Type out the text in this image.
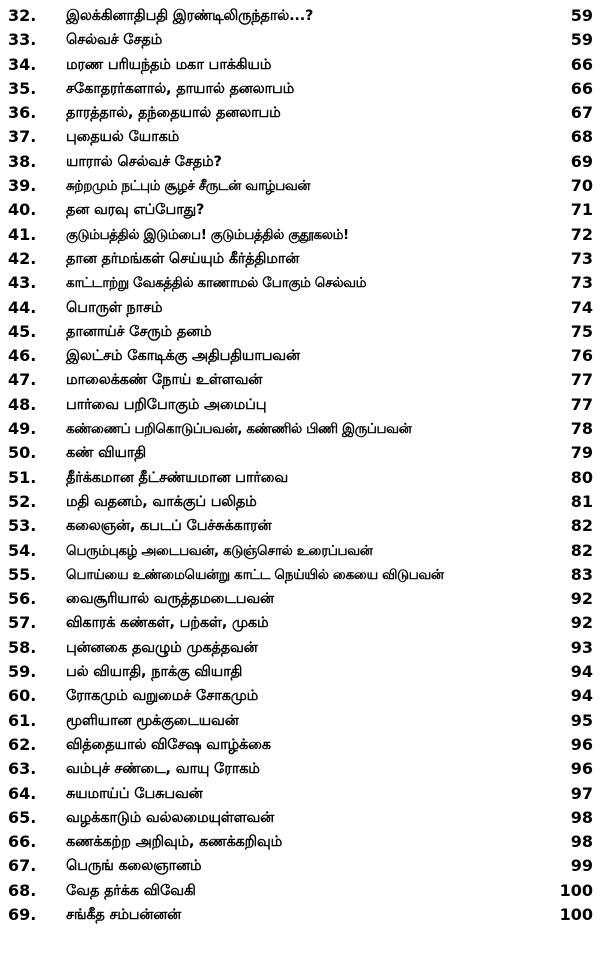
32.	இலக்கினாதிபதி இரண்டிலிருந்தால்...?	59
33.	செல்வச் சேதம்	59
34.	மரண பரியந்தம் மகா பாக்கியம்	66
35.	சகோதரர்களால், தாயால் தனலாபம்	66
36.	தாரத்தால், தந்தையால் தனலாபம்	67
37.	புதையல் யோகம்	68
38.	யாரால் செல்வச் சேதம்?	69
39.	சுற்றமும் நட்பும் சூழச் சீருடன் வாழ்பவன்	70
40.	தன வரவு எப்போது?	71
41.	குடும்பத்தில் இடும்பை! குடும்பத்தில் குதூகலம்!	72
42.	தான தர்மங்கள் செய்யும் கீர்த்திமான்	73
43.	காட்டாற்று வேகத்தில் காணாமல் போகும் செல்வம்	73
44.	பொருள் நாசம்	74
45.	தானாய்ச் சேரும் தனம்	75
46.	இலட்சம் கோடிக்கு அதிபதியாபவன்	76
47.	மாலைக்கண் நோய் உள்ளவன்	77
48.	பார்வை பறிபோகும் அமைப்பு	77
49.	கண்ணைப் பறிகொடுப்பவன், கண்ணில் பிணி இருப்பவன்	78
50.	கண் வியாதி	79
51.	தீர்க்கமான தீட்சண்யமான பார்வை	80
52.	மதி வதனம், வாக்குப் பலிதம்	81
53.	கலைஞன், கபடப் பேச்சுக்காரன்	82
54.	பெரும்புகழ் அடைபவன், கடுஞ்சொல் உரைப்பவன்	82
55.	பொய்யை உண்மையென்று காட்ட நெய்யில் கையை விடுபவன்	83
56.	வைசூரியால் வருத்தமடைபவன்	92
57.	விகாரக் கண்கள், பற்கள், முகம்	92
58.	புன்னகை தவழும் முகத்தவன்	93
59.	பல் வியாதி, நாக்கு வியாதி	94
60.	ரோகமும் வறுமைச் சோகமும்	94
61.	மூளியான மூக்குடையவன்	95
62.	வித்தையால் விசேஷ வாழ்க்கை	96
63.	வம்புச் சண்டை, வாயு ரோகம்	96
64.	சுயமாய்ப் பேசுபவன்	97
65.	வழக்காடும் வல்லமையுள்ளவன்	98
66.	கணக்கற்ற அறிவும், கணக்கறிவும்	98
67.	பெருங் கலைஞானம்	99
68.	வேத தர்க்க விவேகி	100
69.	சங்கீத சம்பன்னன்	100
